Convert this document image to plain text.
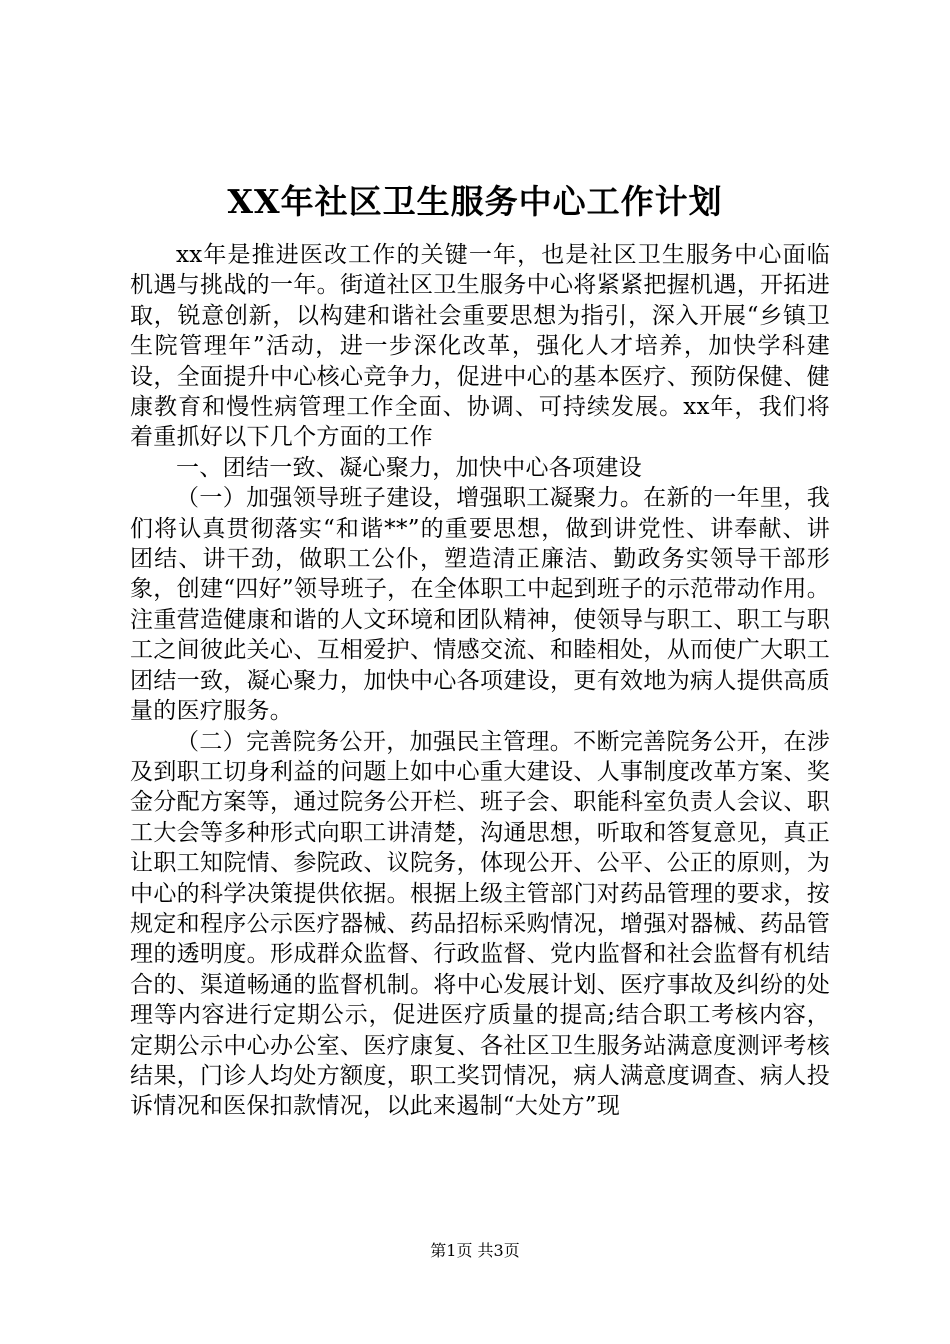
XX年社区卫生服务中心工作计划

xx年是推进医改工作的关键一年，也是社区卫生服务中心面临机遇与挑战的一年。街道社区卫生服务中心将紧紧把握机遇，开拓进取，锐意创新，以构建和谐社会重要思想为指引，深入开展“乡镇卫生院管理年”活动，进一步深化改革，强化人才培养，加快学科建设，全面提升中心核心竞争力，促进中心的基本医疗、预防保健、健康教育和慢性病管理工作全面、协调、可持续发展。xx年，我们将着重抓好以下几个方面的工作

一、团结一致、凝心聚力，加快中心各项建设

（一）加强领导班子建设，增强职工凝聚力。在新的一年里，我们将认真贯彻落实“和谐**”的重要思想，做到讲党性、讲奉献、讲团结、讲干劲，做职工公仆，塑造清正廉洁、勤政务实领导干部形象，创建“四好”领导班子，在全体职工中起到班子的示范带动作用。注重营造健康和谐的人文环境和团队精神，使领导与职工、职工与职工之间彼此关心、互相爱护、情感交流、和睦相处，从而使广大职工团结一致，凝心聚力，加快中心各项建设，更有效地为病人提供高质量的医疗服务。

（二）完善院务公开，加强民主管理。不断完善院务公开，在涉及到职工切身利益的问题上如中心重大建设、人事制度改革方案、奖金分配方案等，通过院务公开栏、班子会、职能科室负责人会议、职工大会等多种形式向职工讲清楚，沟通思想，听取和答复意见，真正让职工知院情、参院政、议院务，体现公开、公平、公正的原则，为中心的科学决策提供依据。根据上级主管部门对药品管理的要求，按规定和程序公示医疗器械、药品招标采购情况，增强对器械、药品管理的透明度。形成群众监督、行政监督、党内监督和社会监督有机结合的、渠道畅通的监督机制。将中心发展计划、医疗事故及纠纷的处理等内容进行定期公示，促进医疗质量的提高;结合职工考核内容，定期公示中心办公室、医疗康复、各社区卫生服务站满意度测评考核结果，门诊人均处方额度，职工奖罚情况，病人满意度调查、病人投诉情况和医保扣款情况，以此来遏制“大处方”现

第1页 共3页
